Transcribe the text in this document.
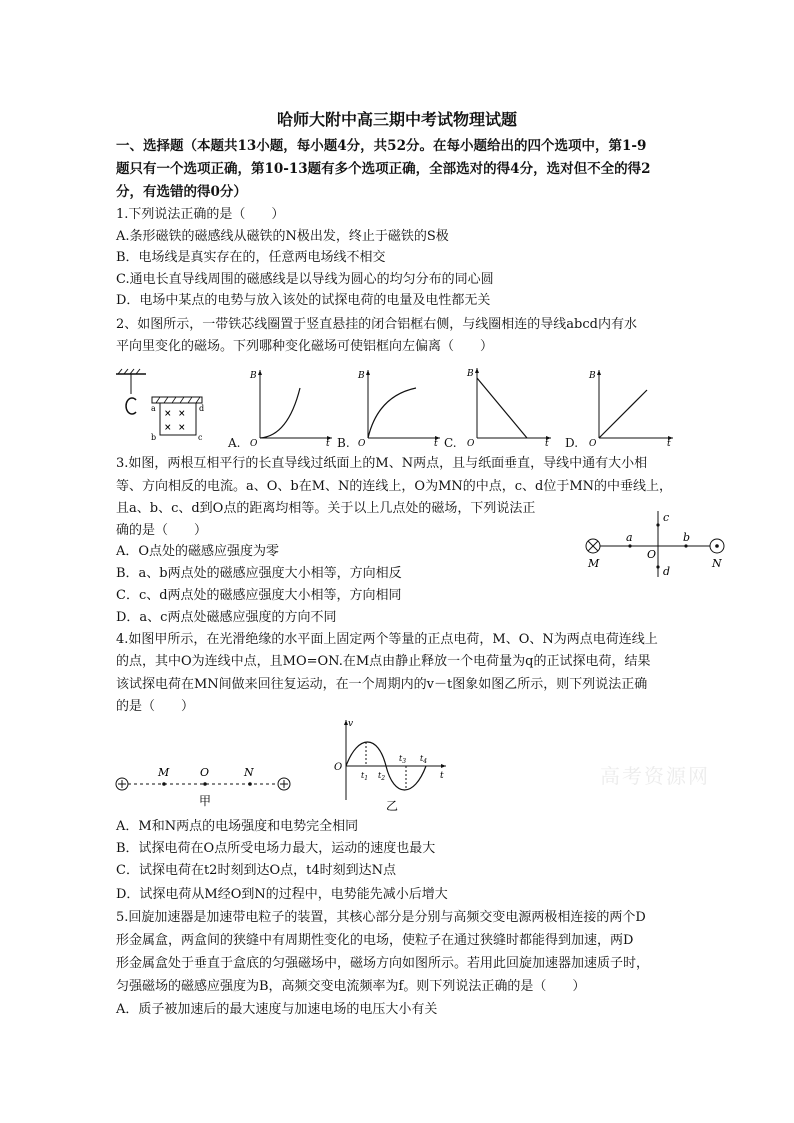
哈师大附中高三期中考试物理试题
一、选择题（本题共13小题，每小题4分，共52分。在每小题给出的四个选项中，第1-9
题只有一个选项正确，第10-13题有多个选项正确，全部选对的得4分，选对但不全的得2
分，有选错的得0分）
1.下列说法正确的是（　　）
A.条形磁铁的磁感线从磁铁的N极出发，终止于磁铁的S极
B．电场线是真实存在的，任意两电场线不相交
C.通电长直导线周围的磁感线是以导线为圆心的均匀分布的同心圆
D．电场中某点的电势与放入该处的试探电荷的电量及电性都无关
2、如图所示，一带铁芯线圈置于竖直悬挂的闭合铝框右侧，与线圈相连的导线abcd内有水
平向里变化的磁场。下列哪种变化磁场可使铝框向左偏离（　　）
a
b	c
d
× ×
× ×
A.
B
t
O	B.
B
t
O	C.
B
t
O	D.
B
t
O
3.如图，两根互相平行的长直导线过纸面上的M、N两点，且与纸面垂直，导线中通有大小相
等、方向相反的电流。a、O、b在M、N的连线上，O为MN的中点，c、d位于MN的中垂线上，
且a、b、c、d到O点的距离均相等。关于以上几点处的磁场，下列说法正
确的是（　　）
A．O点处的磁感应强度为零
B．a、b两点处的磁感应强度大小相等，方向相反
C．c、d两点处的磁感应强度大小相等，方向相同
D．a、c两点处磁感应强度的方向不同
M	N
a	b
c
d
O
4.如图甲所示，在光滑绝缘的水平面上固定两个等量的正点电荷，M、O、N为两点电荷连线上
的点，其中O为连线中点，且MO=ON.在M点由静止释放一个电荷量为q的正试探电荷，结果
该试探电荷在MN间做来回往复运动，在一个周期内的v－t图象如图乙所示，则下列说法正确
的是（　　）
M	O	N
甲
v
t
O
$t_1$ $t_2$
$t_3$ $t_4$
乙
高考资源网
A．M和N两点的电场强度和电势完全相同
B．试探电荷在O点所受电场力最大，运动的速度也最大
C．试探电荷在t2时刻到达O点，t4时刻到达N点
D．试探电荷从M经O到N的过程中，电势能先减小后增大
5.回旋加速器是加速带电粒子的装置，其核心部分是分别与高频交变电源两极相连接的两个D
形金属盒，两盒间的狭缝中有周期性变化的电场，使粒子在通过狭缝时都能得到加速，两D
形金属盒处于垂直于盒底的匀强磁场中，磁场方向如图所示。若用此回旋加速器加速质子时，
匀强磁场的磁感应强度为B，高频交变电流频率为f。则下列说法正确的是（　　）
A．质子被加速后的最大速度与加速电场的电压大小有关
